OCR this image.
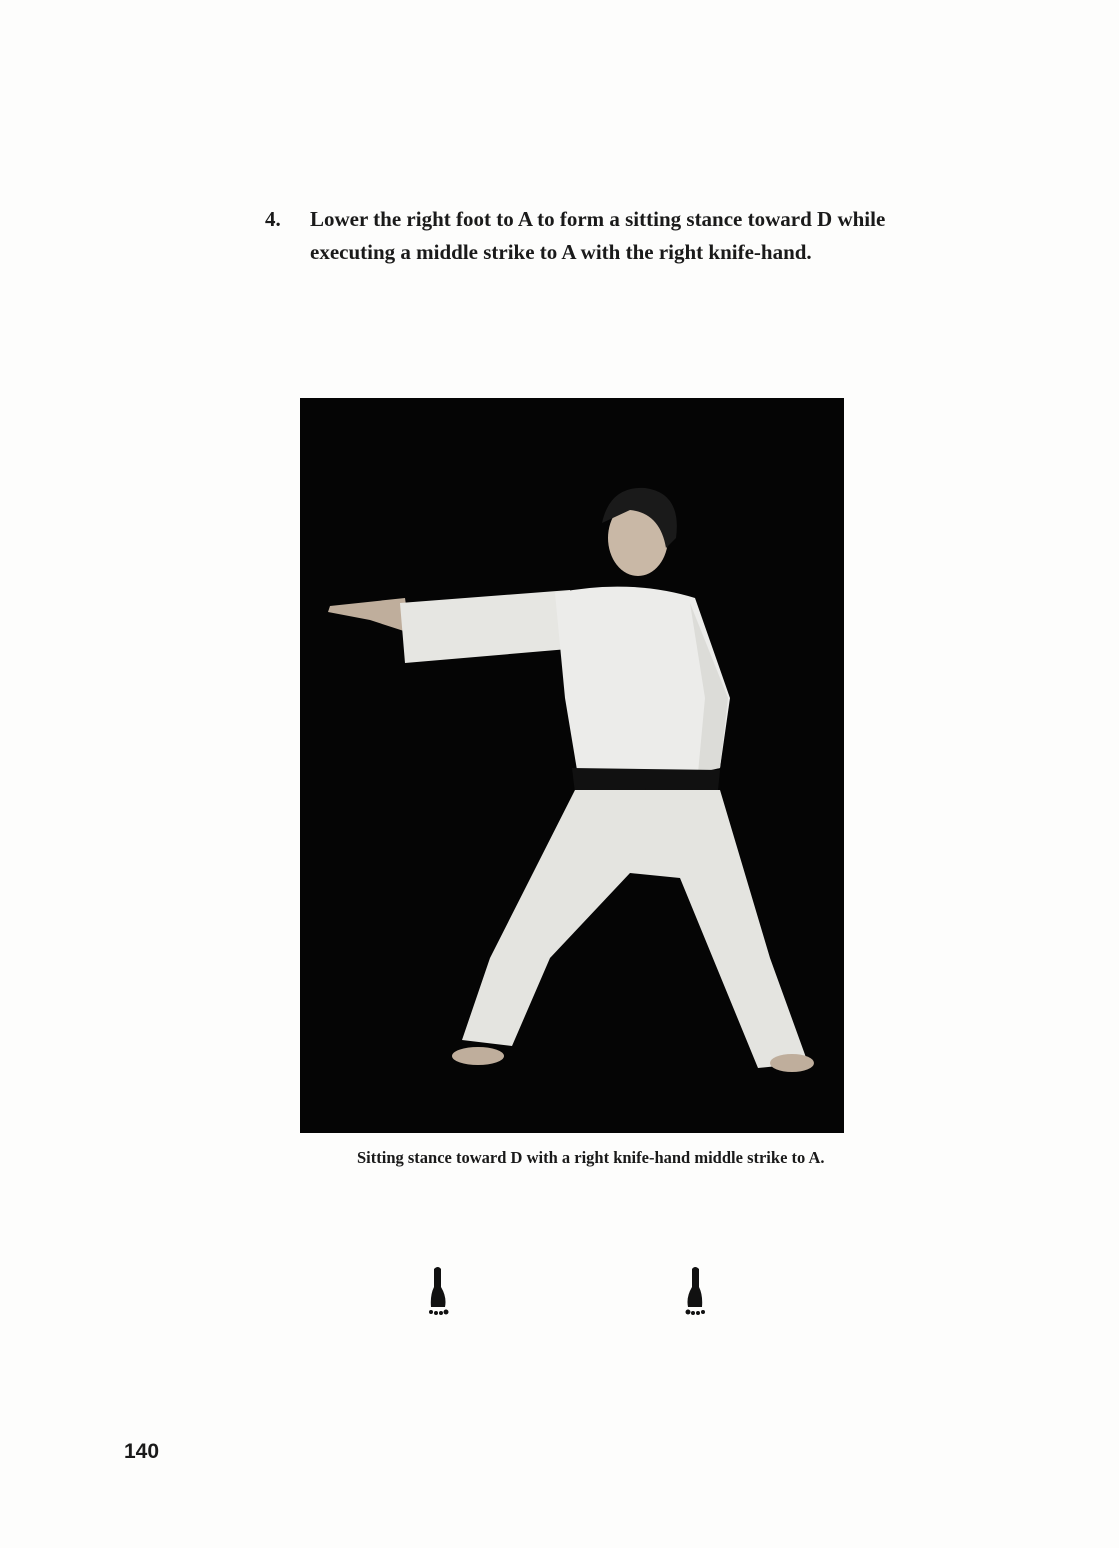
4. Lower the right foot to A to form a sitting stance toward D while executing a middle strike to A with the right knife-hand.
Sitting stance toward D with a right knife-hand middle strike to A.
140
